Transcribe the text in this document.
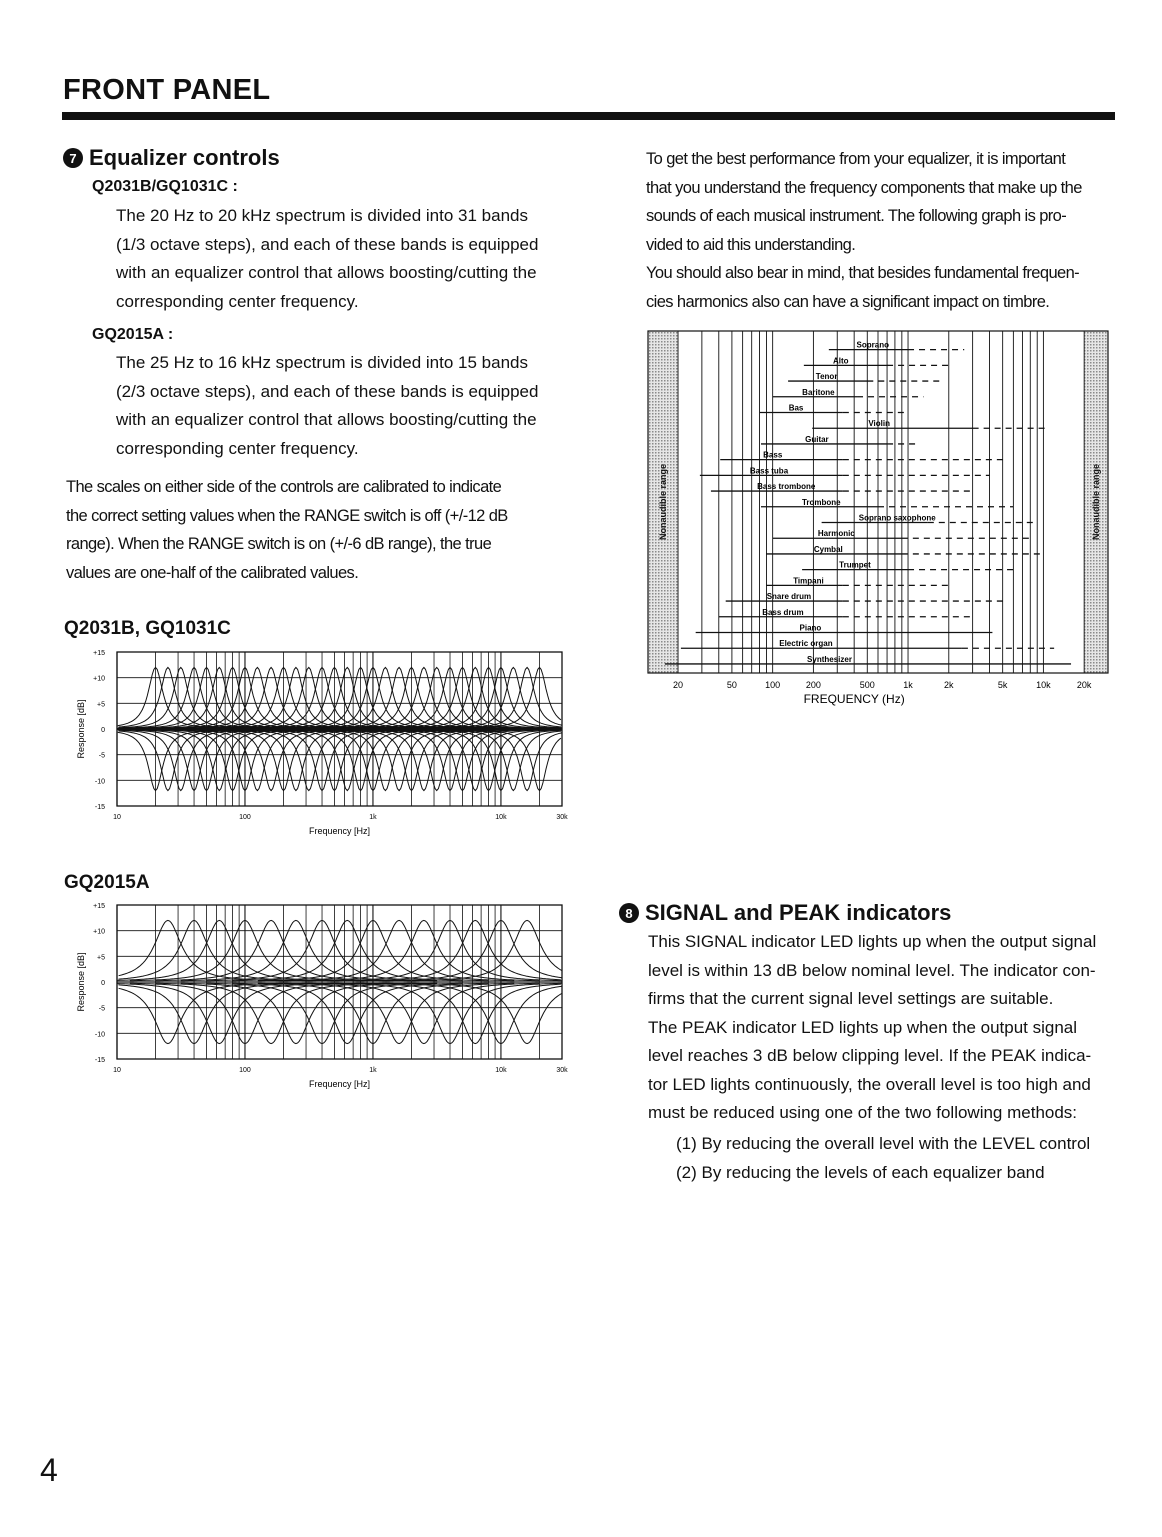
FRONT PANEL
7 Equalizer controls
Q2031B/GQ1031C :
The 20 Hz to 20 kHz spectrum is divided into 31 bands
(1/3 octave steps), and each of these bands is equipped
with an equalizer control that allows boosting/cutting the
corresponding center frequency.
GQ2015A :
The 25 Hz to 16 kHz spectrum is divided into 15 bands
(2/3 octave steps), and each of these bands is equipped
with an equalizer control that allows boosting/cutting the
corresponding center frequency.
The scales on either side of the controls are calibrated to indicate
the correct setting values when the RANGE switch is off (+/-12 dB
range). When the RANGE switch is on (+/-6 dB range), the true
values are one-half of the calibrated values.
Q2031B, GQ1031C
+15
+10
+5
0
-5
-10
-15
10	100	1k	10k	30k
Frequency [Hz]
Response [dB]
GQ2015A
+15
+10
+5
0
-5
-10
-15
10	100	1k	10k	30k
Frequency [Hz]
Response [dB]
To get the best performance from your equalizer, it is important
that you understand the frequency components that make up the
sounds of each musical instrument. The following graph is pro-
vided to aid this understanding.
You should also bear in mind, that besides fundamental frequen-
cies harmonics also can have a significant impact on timbre.
Nonaudible range	Nonaudible range
Soprano
Alto
Tenor
Baritone
Bas
Violin
Guitar
Bass
Bass tuba
Bass trombone
Trombone
Soprano saxophone
Harmonic
Cymbal
Trumpet
Timpani
Snare drum
Bass drum
Piano
Electric organ
Synthesizer
20	50	100	200	500	1k	2k	5k	10k	20k
FREQUENCY (Hz)
8 SIGNAL and PEAK indicators
This SIGNAL indicator LED lights up when the output signal
level is within 13 dB below nominal level. The indicator con-
firms that the current signal level settings are suitable.
The PEAK indicator LED lights up when the output signal
level reaches 3 dB below clipping level. If the PEAK indica-
tor LED lights continuously, the overall level is too high and
must be reduced using one of the two following methods:
(1) By reducing the overall level with the LEVEL control
(2) By reducing the levels of each equalizer band
4
